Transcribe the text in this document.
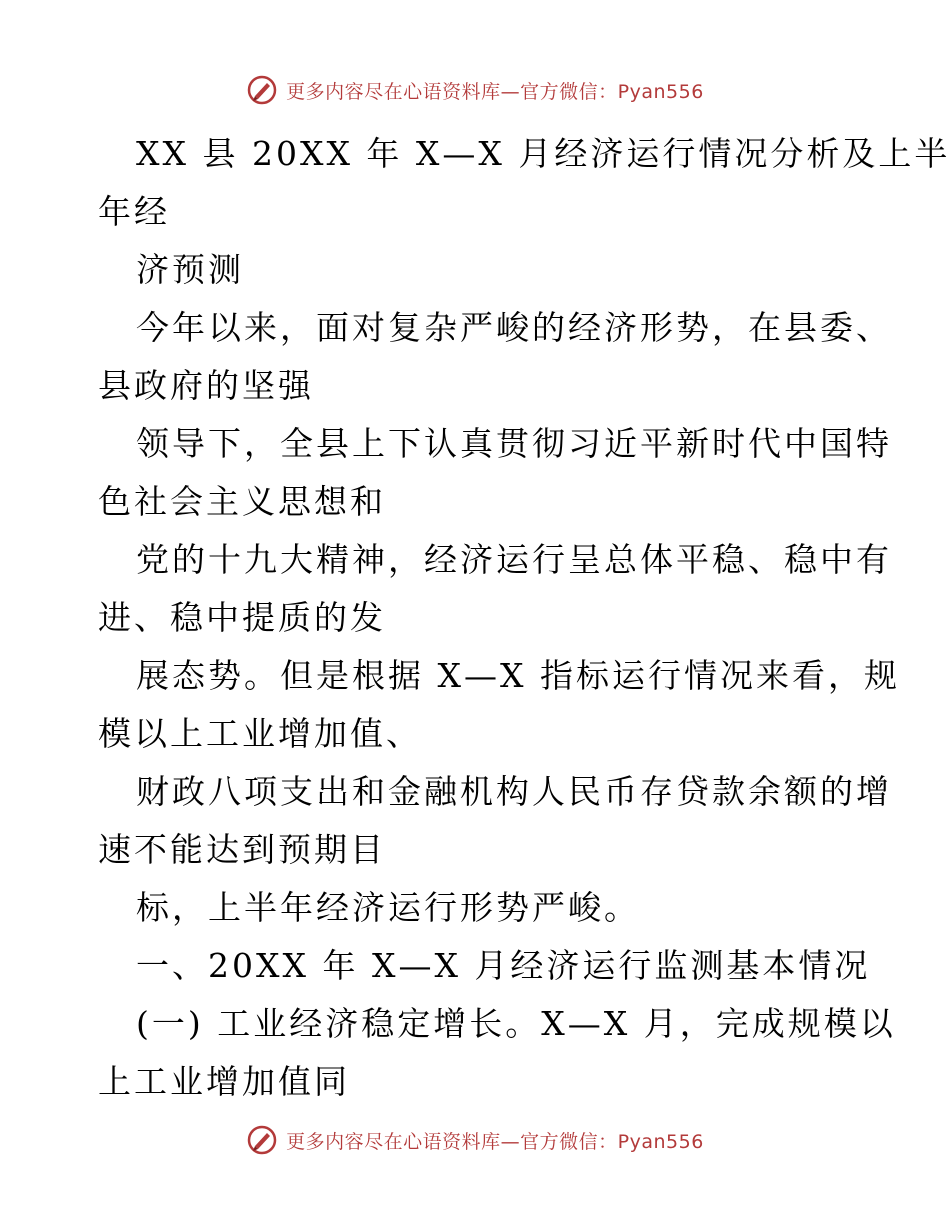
更多内容尽在心语资料库—官方微信：Pyan556
XX 县 20XX 年 X—X 月经济运行情况分析及上半
年经
济预测
今年以来，面对复杂严峻的经济形势，在县委、
县政府的坚强
领导下，全县上下认真贯彻习近平新时代中国特
色社会主义思想和
党的十九大精神，经济运行呈总体平稳、稳中有
进、稳中提质的发
展态势。但是根据 X—X 指标运行情况来看，规
模以上工业增加值、
财政八项支出和金融机构人民币存贷款余额的增
速不能达到预期目
标，上半年经济运行形势严峻。
一、20XX 年 X—X 月经济运行监测基本情况
(一) 工业经济稳定增长。X—X 月，完成规模以
上工业增加值同
更多内容尽在心语资料库—官方微信：Pyan556
